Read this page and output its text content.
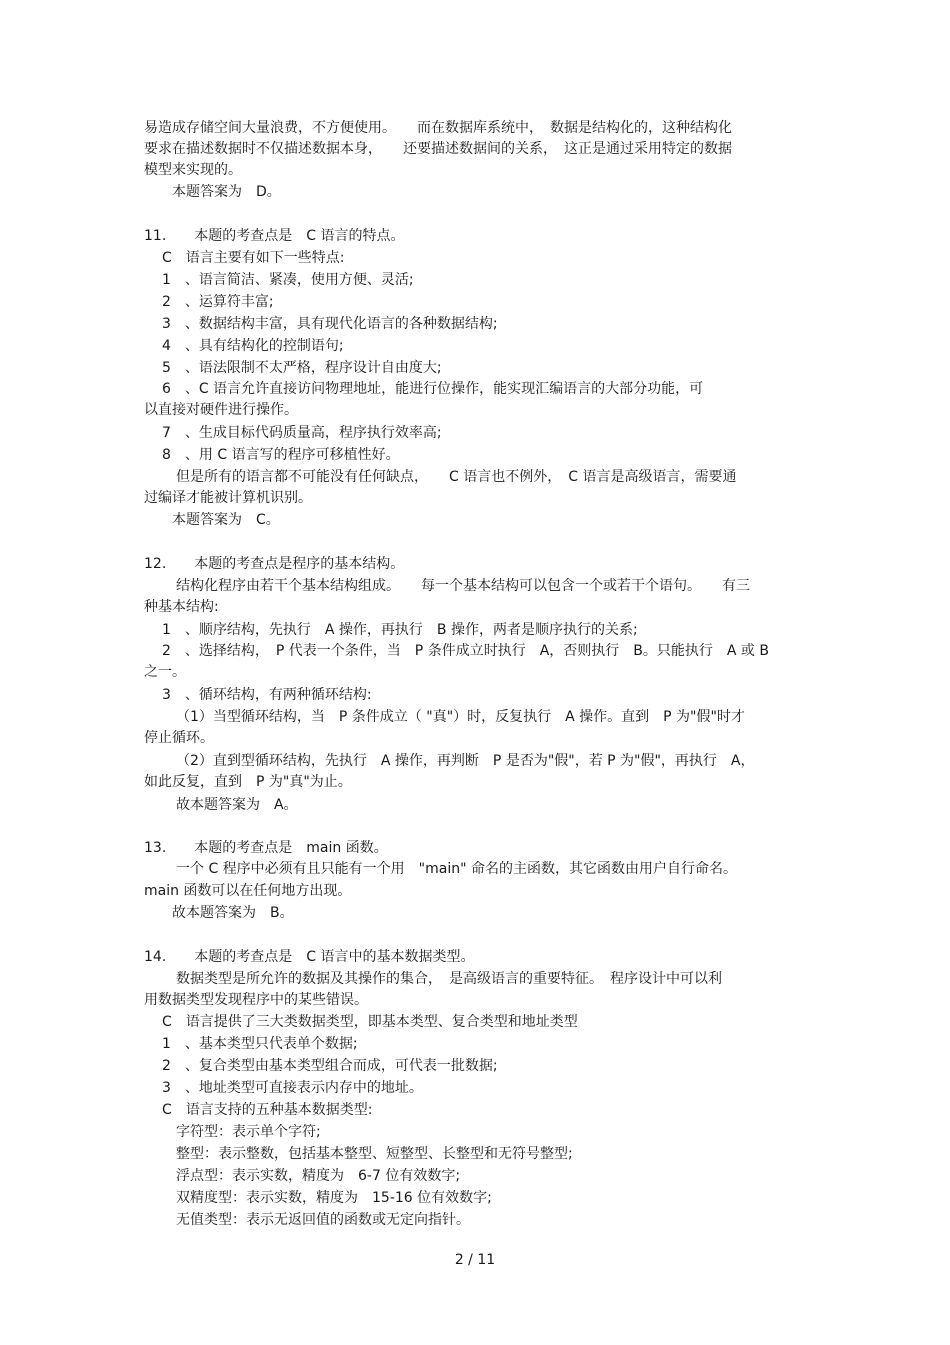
易造成存储空间大量浪费，不方便使用。　　而在数据库系统中，　数据是结构化的，这种结构化
要求在描述数据时不仅描述数据本身，　　还要描述数据间的关系，　这正是通过采用特定的数据
模型来实现的。
本题答案为　D。
11.　　本题的考查点是　C 语言的特点。
C　语言主要有如下一些特点:
1　、语言简洁、紧凑，使用方便、灵活;
2　、运算符丰富;
3　、数据结构丰富，具有现代化语言的各种数据结构;
4　、具有结构化的控制语句;
5　、语法限制不太严格，程序设计自由度大;
6　、C 语言允许直接访问物理地址，能进行位操作，能实现汇编语言的大部分功能，可
以直接对硬件进行操作。
7　、生成目标代码质量高，程序执行效率高;
8　、用 C 语言写的程序可移植性好。
但是所有的语言都不可能没有任何缺点，　　C 语言也不例外，　C 语言是高级语言，需要通
过编译才能被计算机识别。
本题答案为　C。
12.　　本题的考查点是程序的基本结构。
结构化程序由若干个基本结构组成。　　每一个基本结构可以包含一个或若干个语句。　　有三
种基本结构:
1　、顺序结构，先执行　A 操作，再执行　B 操作，两者是顺序执行的关系;
2　、选择结构，　P 代表一个条件，当　P 条件成立时执行　A，否则执行　B。只能执行　A 或 B
之一。
3　、循环结构，有两种循环结构:
（1）当型循环结构，当　P 条件成立（ "真"）时，反复执行　A 操作。直到　P 为"假"时才
停止循环。
（2）直到型循环结构，先执行　A 操作，再判断　P 是否为"假"，若 P 为"假"，再执行　A，
如此反复，直到　P 为"真"为止。
故本题答案为　A。
13.　　本题的考查点是　main 函数。
一个 C 程序中必须有且只能有一个用　"main" 命名的主函数，其它函数由用户自行命名。
main 函数可以在任何地方出现。
故本题答案为　B。
14.　　本题的考查点是　C 语言中的基本数据类型。
数据类型是所允许的数据及其操作的集合，　是高级语言的重要特征。　程序设计中可以利
用数据类型发现程序中的某些错误。
C　语言提供了三大类数据类型，即基本类型、复合类型和地址类型
1　、基本类型只代表单个数据;
2　、复合类型由基本类型组合而成，可代表一批数据;
3　、地址类型可直接表示内存中的地址。
C　语言支持的五种基本数据类型:
字符型：表示单个字符;
整型：表示整数，包括基本整型、短整型、长整型和无符号整型;
浮点型：表示实数，精度为　6-7 位有效数字;
双精度型：表示实数，精度为　15-16 位有效数字;
无值类型：表示无返回值的函数或无定向指针。
2 / 11
